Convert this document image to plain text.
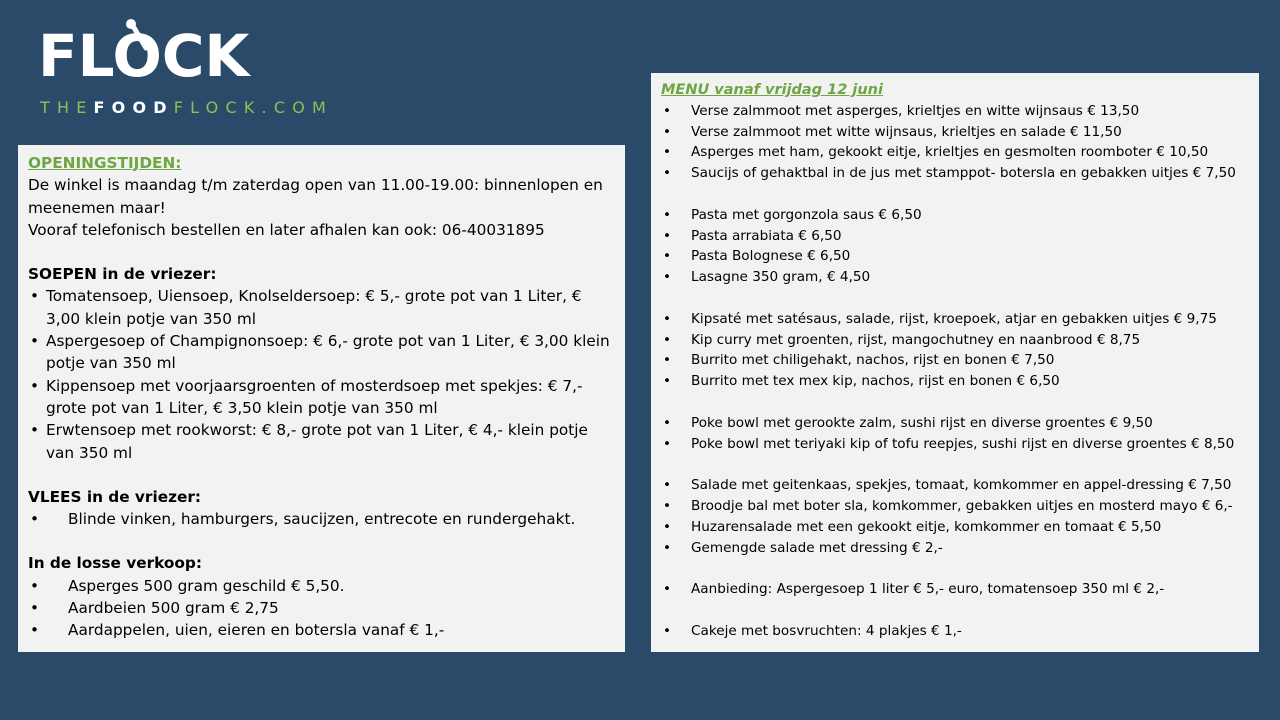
FLOCK
THEFOODFLOCK.COM
OPENINGSTIJDEN:
De winkel is maandag t/m zaterdag open van 11.00-19.00: binnenlopen en meenemen maar!
Vooraf telefonisch bestellen en later afhalen kan ook: 06-40031895
SOEPEN in de vriezer:
• Tomatensoep, Uiensoep, Knolseldersoep: € 5,- grote pot van 1 Liter, € 3,00 klein potje van 350 ml
• Aspergesoep of Champignonsoep: € 6,- grote pot van 1 Liter, € 3,00 klein potje van 350 ml
• Kippensoep met voorjaarsgroenten of mosterdsoep met spekjes: € 7,- grote pot van 1 Liter, € 3,50 klein potje van 350 ml
• Erwtensoep met rookworst: € 8,- grote pot van 1 Liter, € 4,- klein potje van 350 ml
VLEES in de vriezer:
• Blinde vinken, hamburgers, saucijzen, entrecote en rundergehakt.
In de losse verkoop:
• Asperges 500 gram geschild € 5,50.
• Aardbeien 500 gram € 2,75
• Aardappelen, uien, eieren en botersla vanaf € 1,-
MENU vanaf vrijdag 12 juni
• Verse zalmmoot met asperges, krieltjes en witte wijnsaus € 13,50
• Verse zalmmoot met witte wijnsaus, krieltjes en salade € 11,50
• Asperges met ham, gekookt eitje, krieltjes en gesmolten roomboter € 10,50
• Saucijs of gehaktbal in de jus met stamppot- botersla en gebakken uitjes € 7,50
• Pasta met gorgonzola saus € 6,50
• Pasta arrabiata € 6,50
• Pasta Bolognese € 6,50
• Lasagne 350 gram, € 4,50
• Kipsaté met satésaus, salade, rijst, kroepoek, atjar en gebakken uitjes € 9,75
• Kip curry met groenten, rijst, mangochutney en naanbrood € 8,75
• Burrito met chiligehakt, nachos, rijst en bonen € 7,50
• Burrito met tex mex kip, nachos, rijst en bonen € 6,50
• Poke bowl met gerookte zalm, sushi rijst en diverse groentes € 9,50
• Poke bowl met teriyaki kip of tofu reepjes, sushi rijst en diverse groentes € 8,50
• Salade met geitenkaas, spekjes, tomaat, komkommer en appel-dressing € 7,50
• Broodje bal met boter sla, komkommer, gebakken uitjes en mosterd mayo € 6,-
• Huzarensalade met een gekookt eitje, komkommer en tomaat € 5,50
• Gemengde salade met dressing € 2,-
• Aanbieding: Aspergesoep 1 liter € 5,- euro, tomatensoep 350 ml € 2,-
• Cakeje met bosvruchten: 4 plakjes € 1,-
